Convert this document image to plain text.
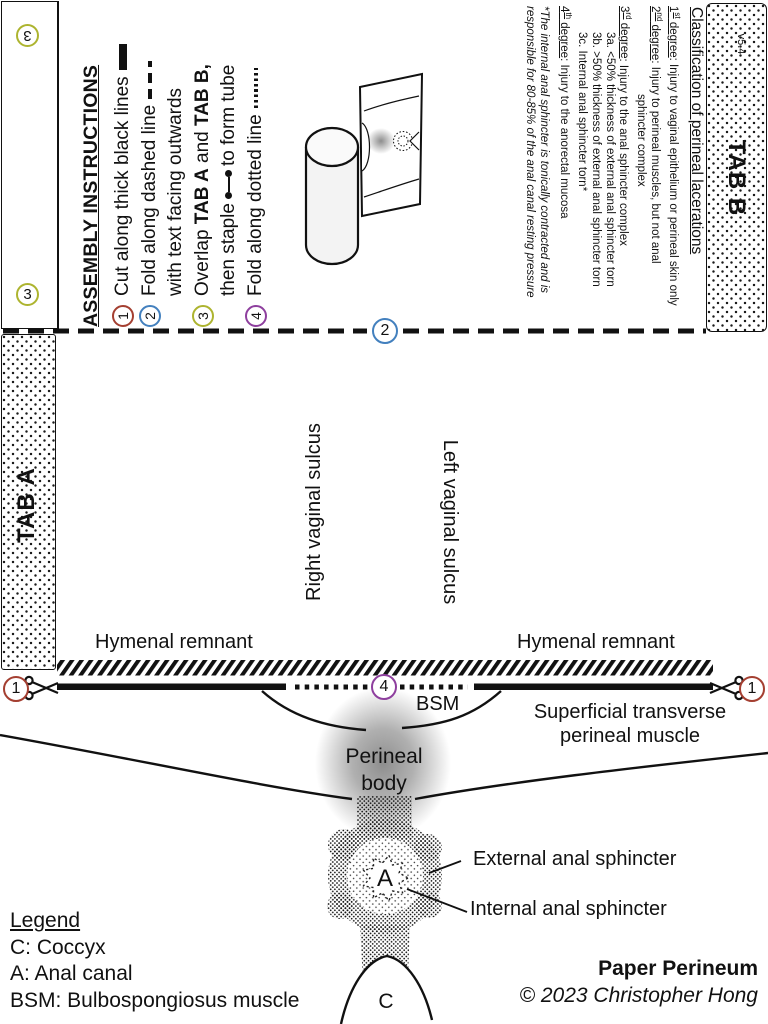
A
C
3
3
TAB A
TAB B
v5.4
ASSEMBLY INSTRUCTIONS 1
Cut along thick black lines
2
Fold along dashed line with text facing outwards
3
Overlap TAB A and TAB B,
then staple
to form tube
4
Fold along dotted line	Classification of perineal lacerations
1st degree: Injury to vaginal epithelium or perineal skin only
2nd degree: Injury to perineal muscles, but not anal
sphincter complex
3rd degree: Injury to the anal sphincter complex
3a. <50% thickness of external anal sphincter torn
3b. >50% thickness of external anal sphincter torn
3c. Internal anal sphincter torn*
4th degree: Injury to the anorectal mucosa
*The internal anal sphincter is tonically contracted and is
responsible for 80-85% of the anal canal resting pressure
2
4
1	1
Right vaginal sulcus	Left vaginal sulcus
Hymenal remnant	Hymenal remnant
BSM	Superficial transverse
perineal muscle
Perineal
body
External anal sphincter
Internal anal sphincter
Legend
C: Coccyx
A: Anal canal
BSM: Bulbospongiosus muscle
Paper Perineum
© 2023 Christopher Hong
